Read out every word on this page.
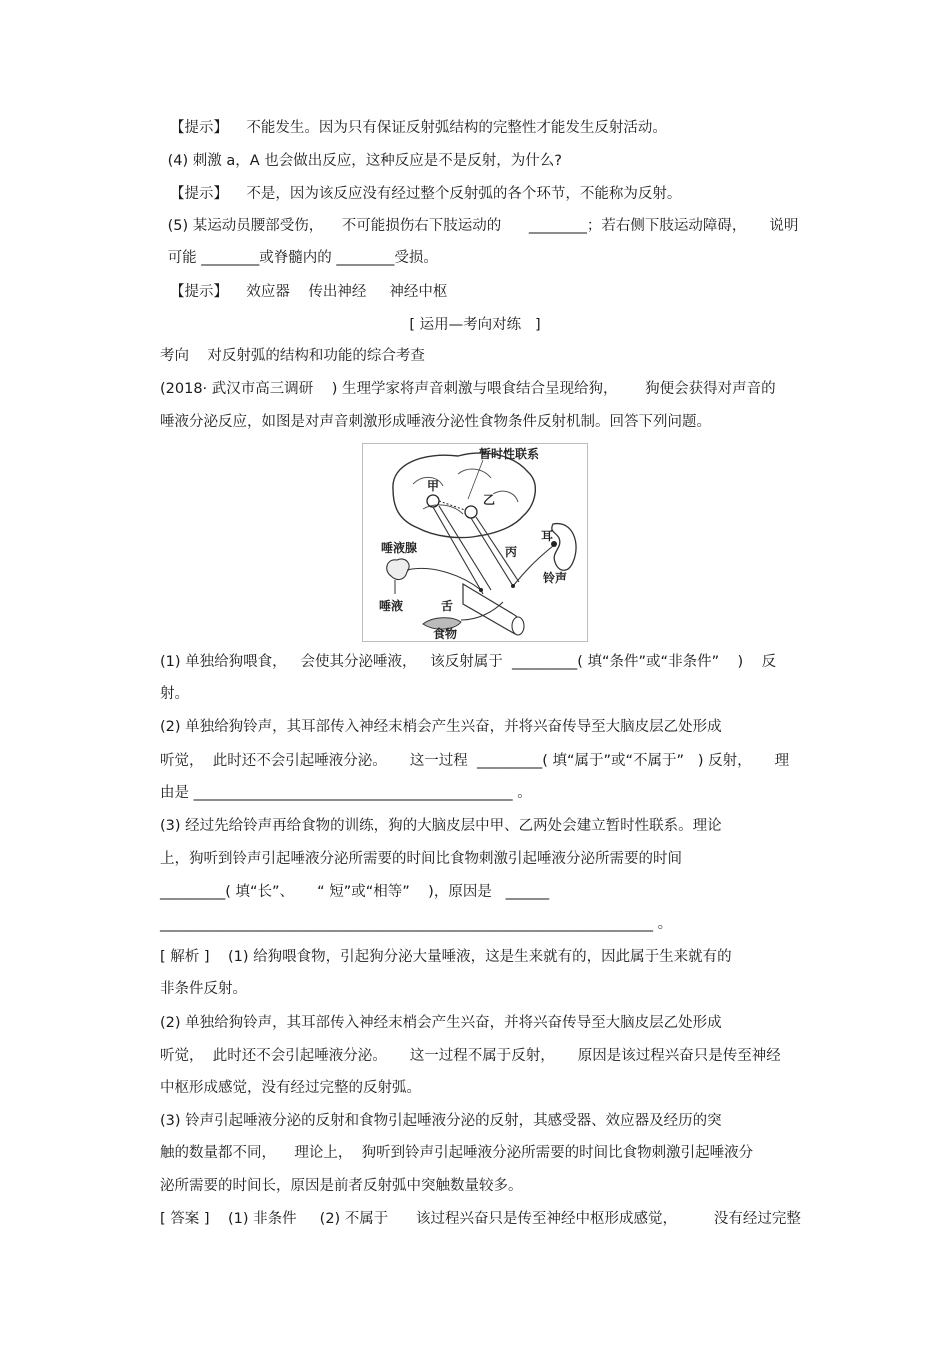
【提示】    不能发生。因为只有保证反射弧结构的完整性才能发生反射活动。
(4) 刺激 a，A 也会做出反应，这种反应是不是反射，为什么?
【提示】    不是，因为该反应没有经过整个反射弧的各个环节，不能称为反射。
(5) 某运动员腰部受伤，    不可能损伤右下肢运动的      ________；若右侧下肢运动障碍，     说明
可能 ________或脊髓内的 ________受损。
【提示】    效应器    传出神经     神经中枢
[ 运用—考向对练   ]
考向    对反射弧的结构和功能的综合考查
(2018· 武汉市高三调研    ) 生理学家将声音刺激与喂食结合呈现给狗，      狗便会获得对声音的
唾液分泌反应，如图是对声音刺激形成唾液分泌性食物条件反射机制。回答下列问题。
暂时性联系
甲
乙
丙
耳
铃声
唾液腺
唾液	舌
食物
(1) 单独给狗喂食，   会使其分泌唾液，   该反射属于  _________( 填“条件”或“非条件”    )    反
射。
(2) 单独给狗铃声，其耳部传入神经末梢会产生兴奋，并将兴奋传导至大脑皮层乙处形成
听觉，  此时还不会引起唾液分泌。     这一过程  _________( 填“属于”或“不属于”   ) 反射，     理
由是 ____________________________________________ 。
(3) 经过先给铃声再给食物的训练，狗的大脑皮层中甲、乙两处会建立暂时性联系。理论
上，狗听到铃声引起唾液分泌所需要的时间比食物刺激引起唾液分泌所需要的时间
_________( 填“长”、     “ 短”或“相等”    )，原因是   ______
____________________________________________________________________ 。
[ 解析 ]    (1) 给狗喂食物，引起狗分泌大量唾液，这是生来就有的，因此属于生来就有的
非条件反射。
(2) 单独给狗铃声，其耳部传入神经末梢会产生兴奋，并将兴奋传导至大脑皮层乙处形成
听觉，  此时还不会引起唾液分泌。     这一过程不属于反射，     原因是该过程兴奋只是传至神经
中枢形成感觉，没有经过完整的反射弧。
(3) 铃声引起唾液分泌的反射和食物引起唾液分泌的反射，其感受器、效应器及经历的突
触的数量都不同，    理论上，  狗听到铃声引起唾液分泌所需要的时间比食物刺激引起唾液分
泌所需要的时间长，原因是前者反射弧中突触数量较多。
[ 答案 ]    (1) 非条件     (2) 不属于      该过程兴奋只是传至神经中枢形成感觉，        没有经过完整
